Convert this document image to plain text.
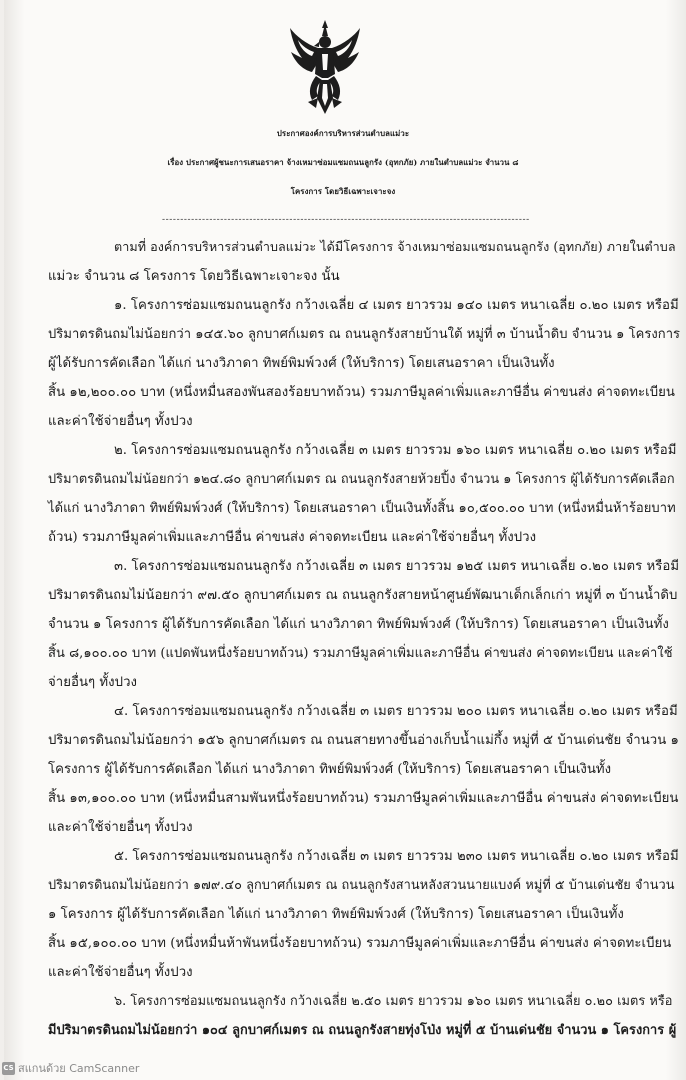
ประกาศองค์การบริหารส่วนตำบลแม่วะ
เรื่อง ประกาศผู้ชนะการเสนอราคา จ้างเหมาซ่อมแซมถนนลูกรัง (อุทกภัย) ภายในตำบลแม่วะ จำนวน ๘
โครงการ โดยวิธีเฉพาะเจาะจง
-----------------------------------------------------------------------------------------------------
ตามที่ องค์การบริหารส่วนตำบลแม่วะ ได้มีโครงการ จ้างเหมาซ่อมแซมถนนลูกรัง (อุทกภัย) ภายในตำบล
แม่วะ จำนวน ๘ โครงการ โดยวิธีเฉพาะเจาะจง นั้น
๑. โครงการซ่อมแซมถนนลูกรัง กว้างเฉลี่ย ๔ เมตร ยาวรวม ๑๔๐ เมตร หนาเฉลี่ย ๐.๒๐ เมตร หรือมี
ปริมาตรดินถมไม่น้อยกว่า ๑๔๕.๖๐ ลูกบาศก์เมตร ณ ถนนลูกรังสายบ้านใต้ หมู่ที่ ๓ บ้านน้ำดิบ จำนวน ๑ โครงการ
ผู้ได้รับการคัดเลือก ได้แก่ นางวิภาดา ทิพย์พิมพ์วงศ์ (ให้บริการ) โดยเสนอราคา เป็นเงินทั้ง
สิ้น ๑๒,๒๐๐.๐๐ บาท (หนึ่งหมื่นสองพันสองร้อยบาทถ้วน) รวมภาษีมูลค่าเพิ่มและภาษีอื่น ค่าขนส่ง ค่าจดทะเบียน
และค่าใช้จ่ายอื่นๆ ทั้งปวง
๒. โครงการซ่อมแซมถนนลูกรัง กว้างเฉลี่ย ๓ เมตร ยาวรวม ๑๖๐ เมตร หนาเฉลี่ย ๐.๒๐ เมตร หรือมี
ปริมาตรดินถมไม่น้อยกว่า ๑๒๔.๘๐ ลูกบาศก์เมตร ณ ถนนลูกรังสายห้วยปิ้ง จำนวน ๑ โครงการ ผู้ได้รับการคัดเลือก
ได้แก่ นางวิภาดา ทิพย์พิมพ์วงศ์ (ให้บริการ) โดยเสนอราคา เป็นเงินทั้งสิ้น ๑๐,๕๐๐.๐๐ บาท (หนึ่งหมื่นห้าร้อยบาท
ถ้วน) รวมภาษีมูลค่าเพิ่มและภาษีอื่น ค่าขนส่ง ค่าจดทะเบียน และค่าใช้จ่ายอื่นๆ ทั้งปวง
๓. โครงการซ่อมแซมถนนลูกรัง กว้างเฉลี่ย ๓ เมตร ยาวรวม ๑๒๕ เมตร หนาเฉลี่ย ๐.๒๐ เมตร หรือมี
ปริมาตรดินถมไม่น้อยกว่า ๙๗.๕๐ ลูกบาศก์เมตร ณ ถนนลูกรังสายหน้าศูนย์พัฒนาเด็กเล็กเก่า หมู่ที่ ๓ บ้านน้ำดิบ
จำนวน ๑ โครงการ ผู้ได้รับการคัดเลือก ได้แก่ นางวิภาดา ทิพย์พิมพ์วงศ์ (ให้บริการ) โดยเสนอราคา เป็นเงินทั้ง
สิ้น ๘,๑๐๐.๐๐ บาท (แปดพันหนึ่งร้อยบาทถ้วน) รวมภาษีมูลค่าเพิ่มและภาษีอื่น ค่าขนส่ง ค่าจดทะเบียน และค่าใช้
จ่ายอื่นๆ ทั้งปวง
๔. โครงการซ่อมแซมถนนลูกรัง กว้างเฉลี่ย ๓ เมตร ยาวรวม ๒๐๐ เมตร หนาเฉลี่ย ๐.๒๐ เมตร หรือมี
ปริมาตรดินถมไม่น้อยกว่า ๑๕๖ ลูกบาศก์เมตร ณ ถนนสายทางขึ้นอ่างเก็บน้ำแม่กึ้ง หมู่ที่ ๕ บ้านเด่นชัย จำนวน ๑
โครงการ ผู้ได้รับการคัดเลือก ได้แก่ นางวิภาดา ทิพย์พิมพ์วงศ์ (ให้บริการ) โดยเสนอราคา เป็นเงินทั้ง
สิ้น ๑๓,๑๐๐.๐๐ บาท (หนึ่งหมื่นสามพันหนึ่งร้อยบาทถ้วน) รวมภาษีมูลค่าเพิ่มและภาษีอื่น ค่าขนส่ง ค่าจดทะเบียน
และค่าใช้จ่ายอื่นๆ ทั้งปวง
๕. โครงการซ่อมแซมถนนลูกรัง กว้างเฉลี่ย ๓ เมตร ยาวรวม ๒๓๐ เมตร หนาเฉลี่ย ๐.๒๐ เมตร หรือมี
ปริมาตรดินถมไม่น้อยกว่า ๑๗๙.๔๐ ลูกบาศก์เมตร ณ ถนนลูกรังสานหลังสวนนายแบงค์ หมู่ที่ ๕ บ้านเด่นชัย จำนวน
๑ โครงการ ผู้ได้รับการคัดเลือก ได้แก่ นางวิภาดา ทิพย์พิมพ์วงศ์ (ให้บริการ) โดยเสนอราคา เป็นเงินทั้ง
สิ้น ๑๕,๑๐๐.๐๐ บาท (หนึ่งหมื่นห้าพันหนึ่งร้อยบาทถ้วน) รวมภาษีมูลค่าเพิ่มและภาษีอื่น ค่าขนส่ง ค่าจดทะเบียน
และค่าใช้จ่ายอื่นๆ ทั้งปวง
๖. โครงการซ่อมแซมถนนลูกรัง กว้างเฉลี่ย ๒.๕๐ เมตร ยาวรวม ๑๖๐ เมตร หนาเฉลี่ย ๐.๒๐ เมตร หรือ
มีปริมาตรดินถมไม่น้อยกว่า ๑๐๔ ลูกบาศก์เมตร ณ ถนนลูกรังสายทุ่งโป่ง หมู่ที่ ๕ บ้านเด่นชัย จำนวน ๑ โครงการ ผู้
CS สแกนด้วย CamScanner
